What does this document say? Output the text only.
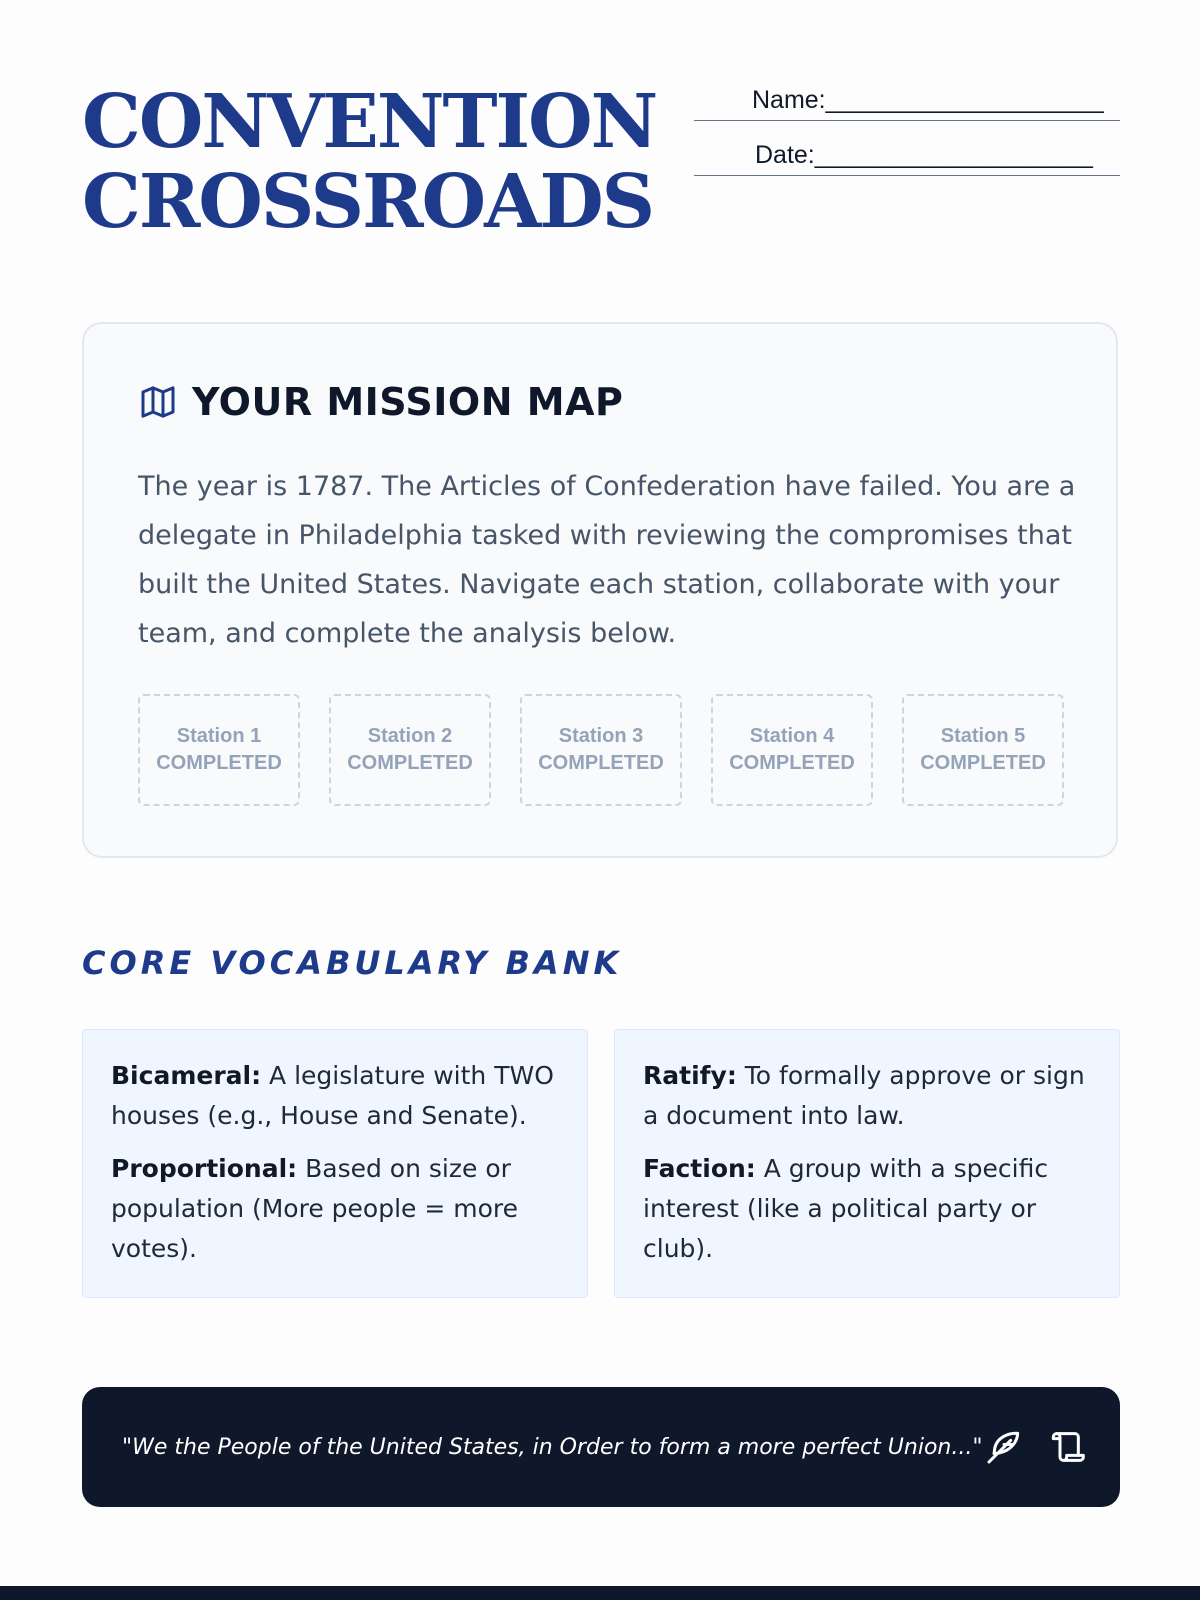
CONVENTION
CROSSROADS
Name: _____
Date: _____
YOUR MISSION MAP

The year is 1787. The Articles of Confederation have failed. You are a delegate in Philadelphia tasked with reviewing the compromises that built the United States. Navigate each station, collaborate with your team, and complete the analysis below.

Station 1
COMPLETED
Station 2
COMPLETED
Station 3
COMPLETED
Station 4
COMPLETED
Station 5
COMPLETED
CORE VOCABULARY BANK

Bicameral: A legislature with TWO houses (e.g., House and Senate).

Proportional: Based on size or population (More people = more votes).

Ratify: To formally approve or sign a document into law.

Faction: A group with a specific interest (like a political party or club).

"We the People of the United States, in Order to form a more perfect Union..."
